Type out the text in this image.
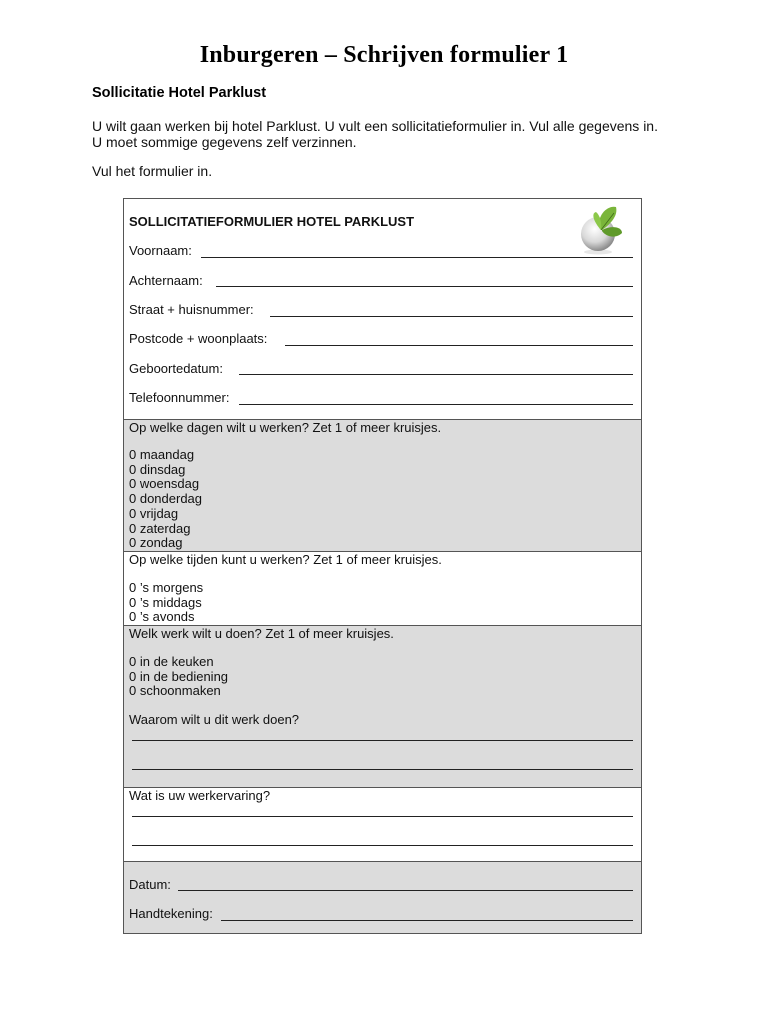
Inburgeren – Schrijven formulier 1
Sollicitatie Hotel Parklust
U wilt gaan werken bij hotel Parklust. U vult een sollicitatieformulier in. Vul alle gegevens in.
U moet sommige gegevens zelf verzinnen.
Vul het formulier in.
SOLLICITATIEFORMULIER HOTEL PARKLUST
Voornaam:
Achternaam:
Straat + huisnummer:
Postcode + woonplaats:
Geboortedatum:
Telefoonnummer:
Op welke dagen wilt u werken? Zet 1 of meer kruisjes.
0 maandag
0 dinsdag
0 woensdag
0 donderdag
0 vrijdag
0 zaterdag
0 zondag
Op welke tijden kunt u werken? Zet 1 of meer kruisjes.
0 ’s morgens
0 ’s middags
0 ’s avonds
Welk werk wilt u doen? Zet 1 of meer kruisjes.
0 in de keuken
0 in de bediening
0 schoonmaken
Waarom wilt u dit werk doen?
Wat is uw werkervaring?
Datum:
Handtekening:
